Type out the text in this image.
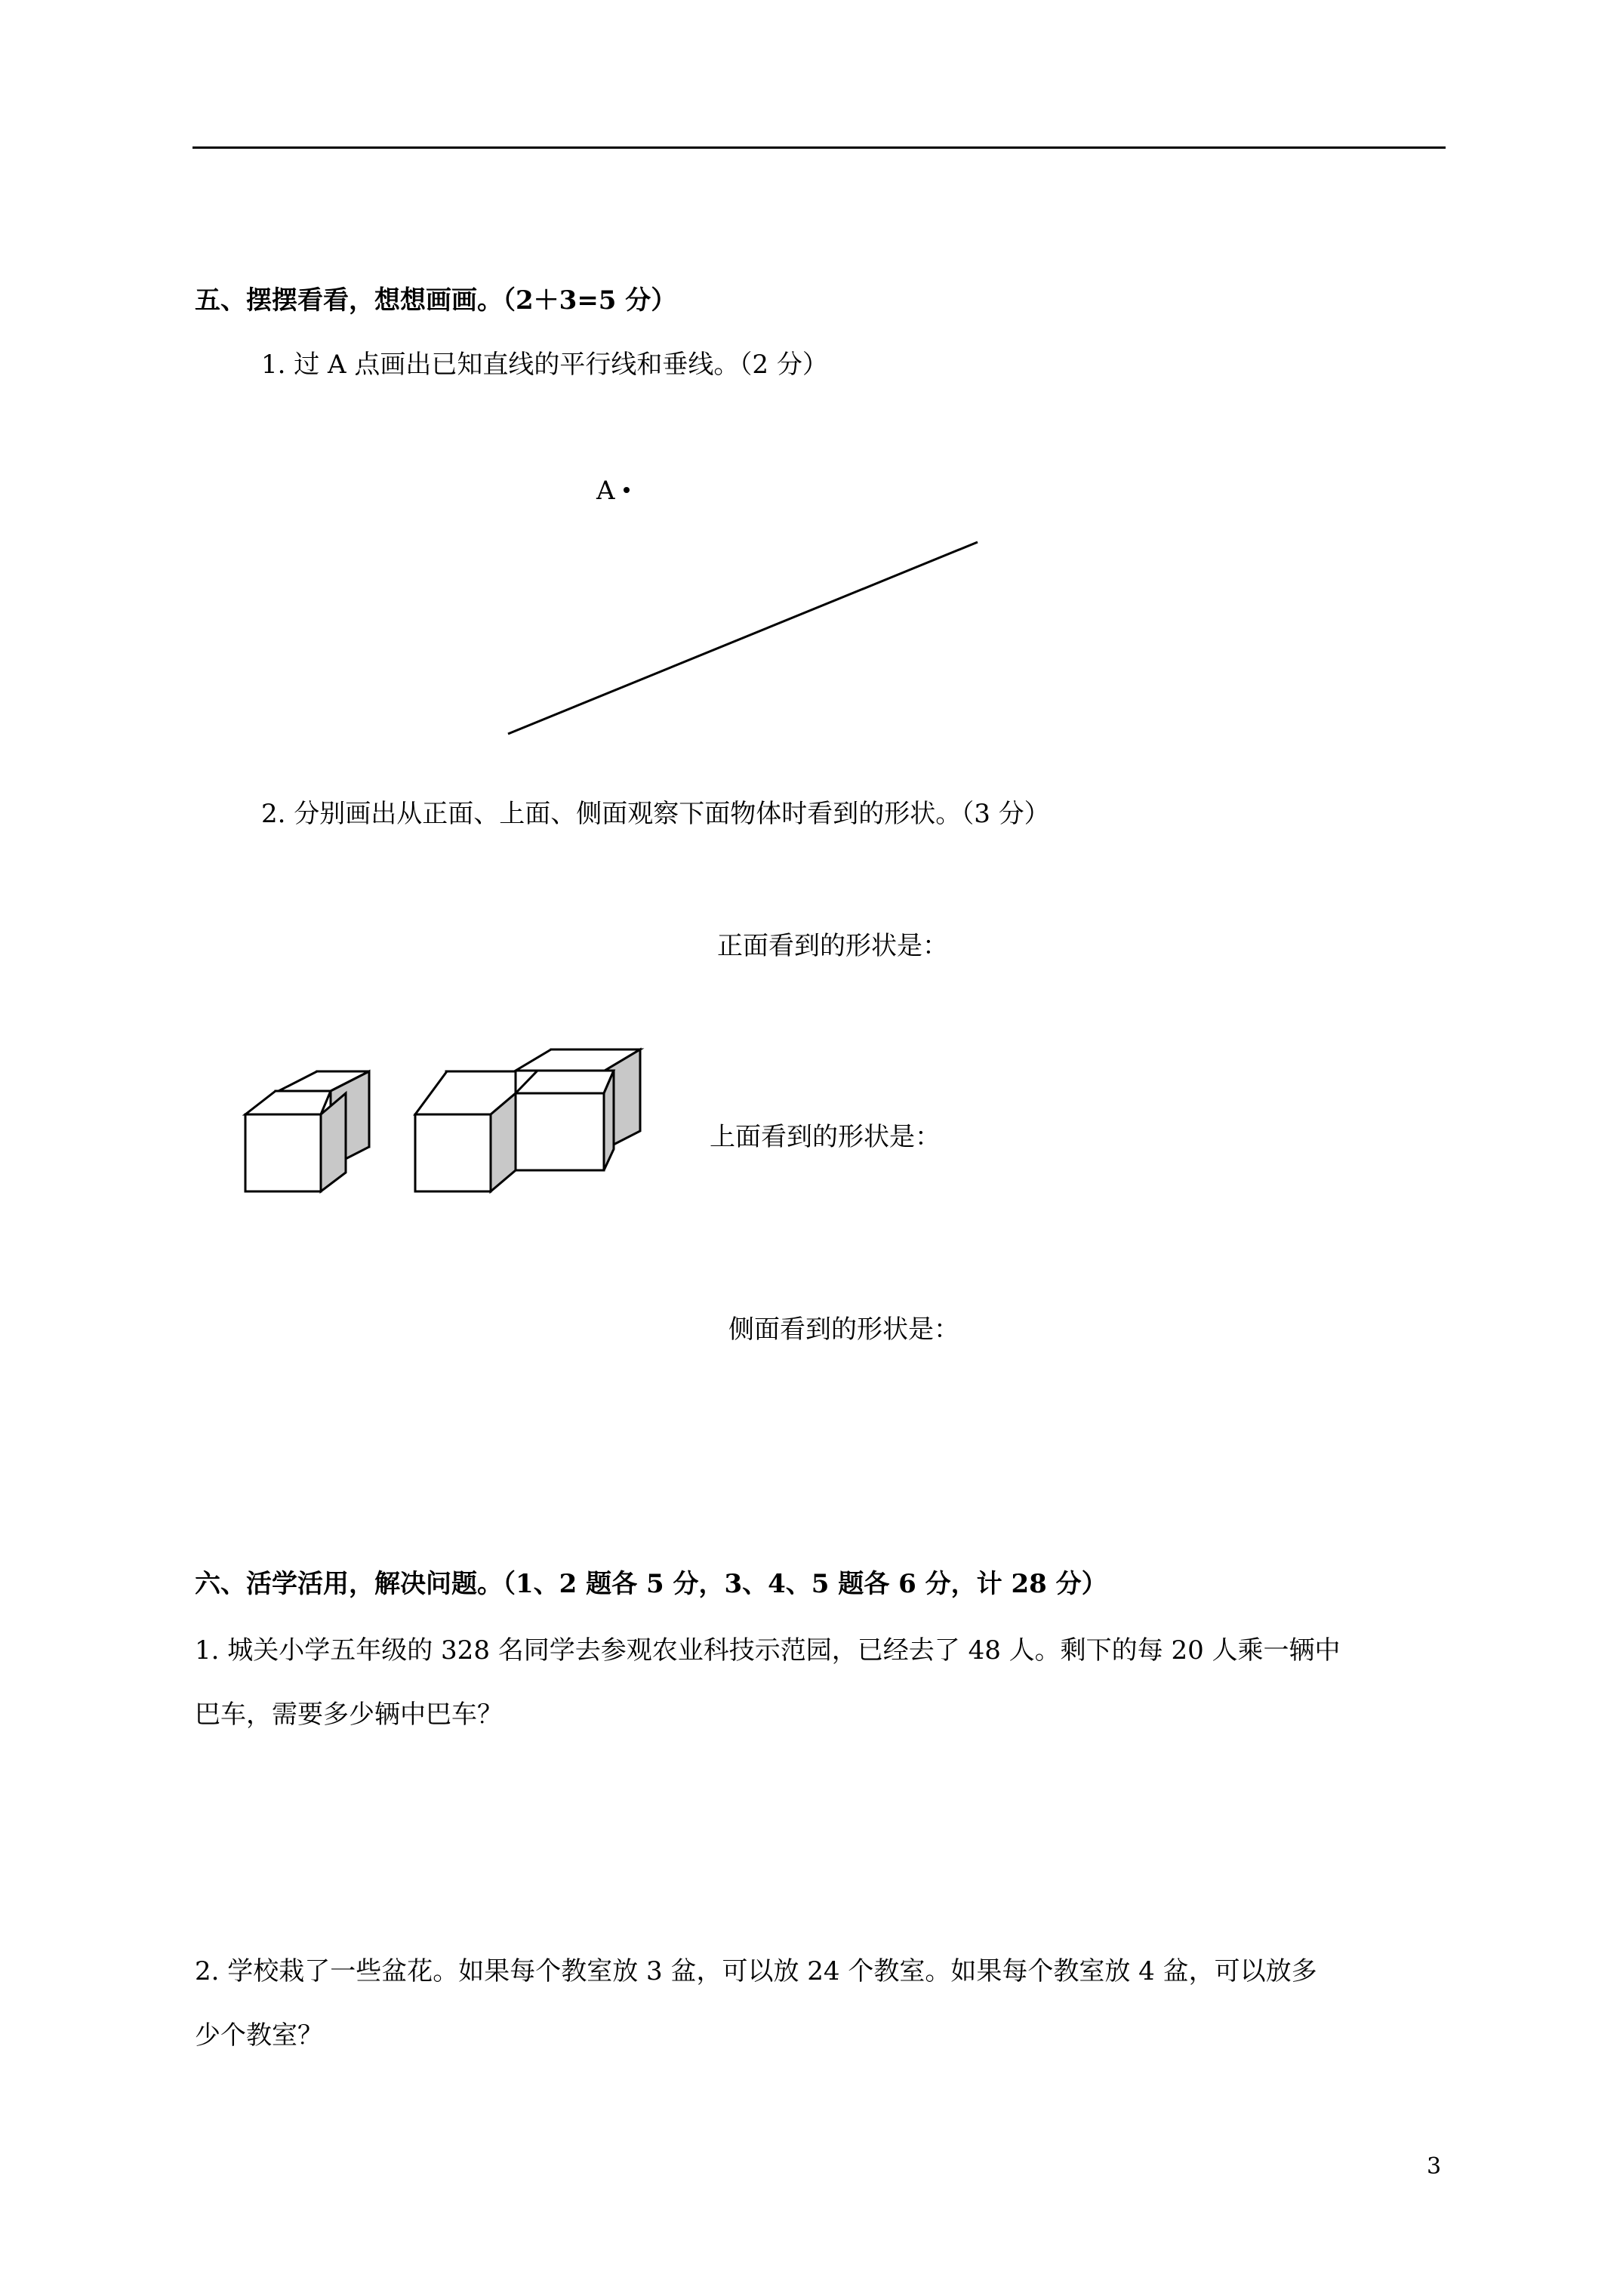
五、摆摆看看，想想画画。（2＋3=5 分）
1. 过 A 点画出已知直线的平行线和垂线。（2 分）
A
2. 分别画出从正面、上面、侧面观察下面物体时看到的形状。（3 分）
正面看到的形状是：
上面看到的形状是：
侧面看到的形状是：
六、活学活用，解决问题。（1、2 题各 5 分，3、4、5 题各 6 分，计 28 分）
1. 城关小学五年级的 328 名同学去参观农业科技示范园，已经去了 48 人。剩下的每 20 人乘一辆中
巴车，需要多少辆中巴车？
2. 学校栽了一些盆花。如果每个教室放 3 盆，可以放 24 个教室。如果每个教室放 4 盆，可以放多
少个教室？
3
